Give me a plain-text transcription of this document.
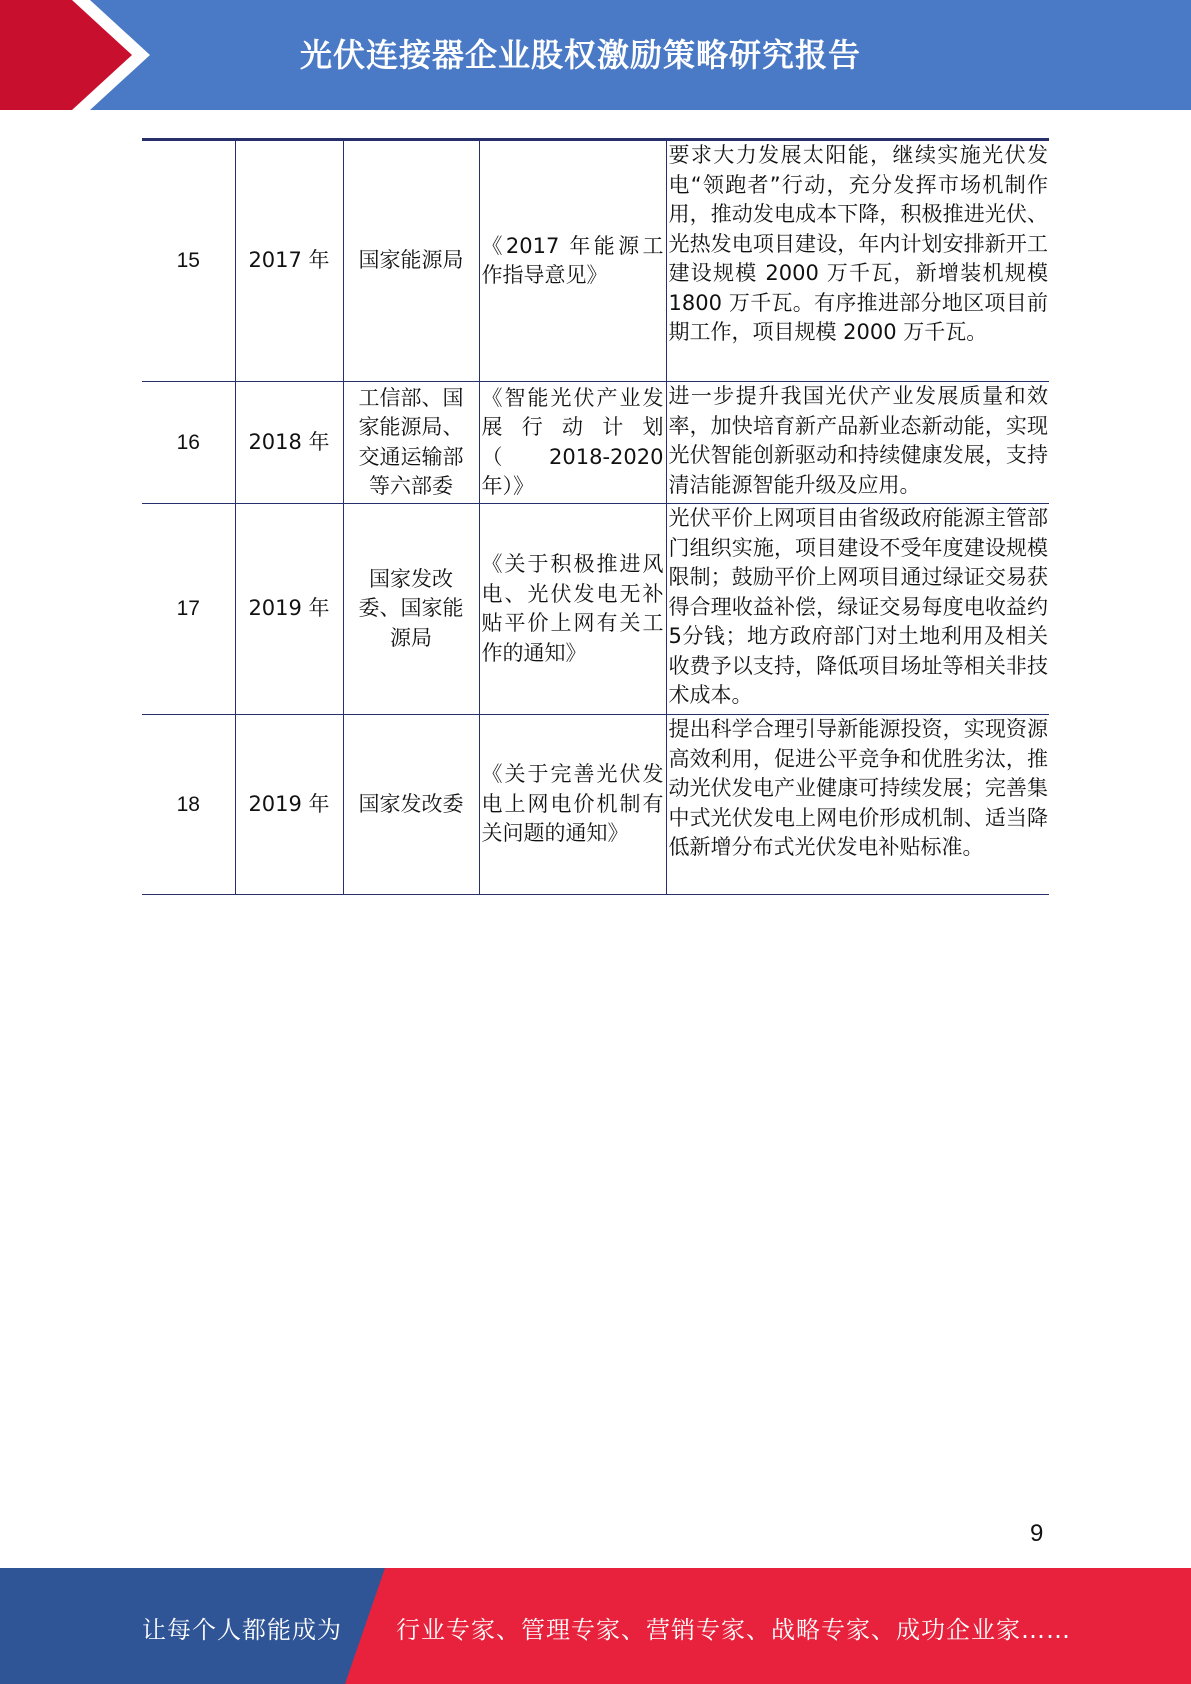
光伏连接器企业股权激励策略研究报告
15	2017 年	国家能源局	《2017 年能源工作指导意见》	要求大力发展太阳能，继续实施光伏发电“领跑者”行动，充分发挥市场机制作用，推动发电成本下降，积极推进光伏、光热发电项目建设，年内计划安排新开工建设规模 2000 万千瓦，新增装机规模 1800 万千瓦。有序推进部分地区项目前期工作，项目规模 2000 万千瓦。
16	2018 年	工信部、国家能源局、交通运输部等六部委	《智能光伏产业发展行动计划（2018-2020 年）》	进一步提升我国光伏产业发展质量和效率，加快培育新产品新业态新动能，实现光伏智能创新驱动和持续健康发展，支持清洁能源智能升级及应用。
17	2019 年	国家发改委、国家能源局	《关于积极推进风电、光伏发电无补贴平价上网有关工作的通知》	光伏平价上网项目由省级政府能源主管部门组织实施，项目建设不受年度建设规模限制；鼓励平价上网项目通过绿证交易获得合理收益补偿，绿证交易每度电收益约5分钱；地方政府部门对土地利用及相关收费予以支持，降低项目场址等相关非技术成本。
18	2019 年	国家发改委	《关于完善光伏发电上网电价机制有关问题的通知》	提出科学合理引导新能源投资，实现资源高效利用，促进公平竞争和优胜劣汰，推动光伏发电产业健康可持续发展；完善集中式光伏发电上网电价形成机制、适当降低新增分布式光伏发电补贴标准。
9
让每个人都能成为 行业专家、管理专家、营销专家、战略专家、成功企业家……
